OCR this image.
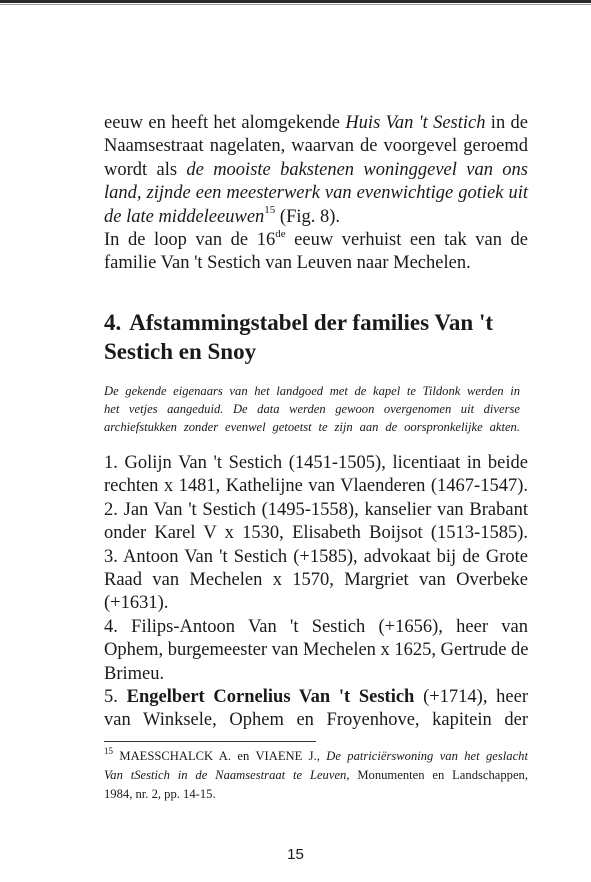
eeuw en heeft het alomgekende Huis Van 't Sestich in de
Naamsestraat nagelaten, waarvan de voorgevel geroemd
wordt als de mooiste bakstenen woninggevel van ons
land, zijnde een meesterwerk van evenwichtige gotiek uit
de late middeleeuwen$^{15}$ (Fig. 8).
In de loop van de 16de eeuw verhuist een tak van de
familie Van 't Sestich van Leuven naar Mechelen.
4. Afstammingstabel der families Van 't
Sestich en Snoy
De gekende eigenaars van het landgoed met de kapel te Tildonk werden in
het vetjes aangeduid. De data werden gewoon overgenomen uit diverse
archiefstukken zonder evenwel getoetst te zijn aan de oorspronkelijke akten.
1. Golijn Van 't Sestich (1451-1505), licentiaat in beide
rechten x 1481, Kathelijne van Vlaenderen (1467-1547).
2. Jan Van 't Sestich (1495-1558), kanselier van Brabant
onder Karel V x 1530, Elisabeth Boijsot (1513-1585).
3. Antoon Van 't Sestich (+1585), advokaat bij de Grote
Raad van Mechelen x 1570, Margriet van Overbeke
(+1631).
4. Filips-Antoon Van 't Sestich (+1656), heer van
Ophem, burgemeester van Mechelen x 1625, Gertrude de
Brimeu.
5. Engelbert Cornelius Van 't Sestich (+1714), heer
van Winksele, Ophem en Froyenhove, kapitein der
$^{15}$ MAESSCHALCK A. en VIAENE J., De patriciërswoning van het geslacht
Van tSestich in de Naamsestraat te Leuven, Monumenten en Landschappen,
1984, nr. 2, pp. 14-15.
15
